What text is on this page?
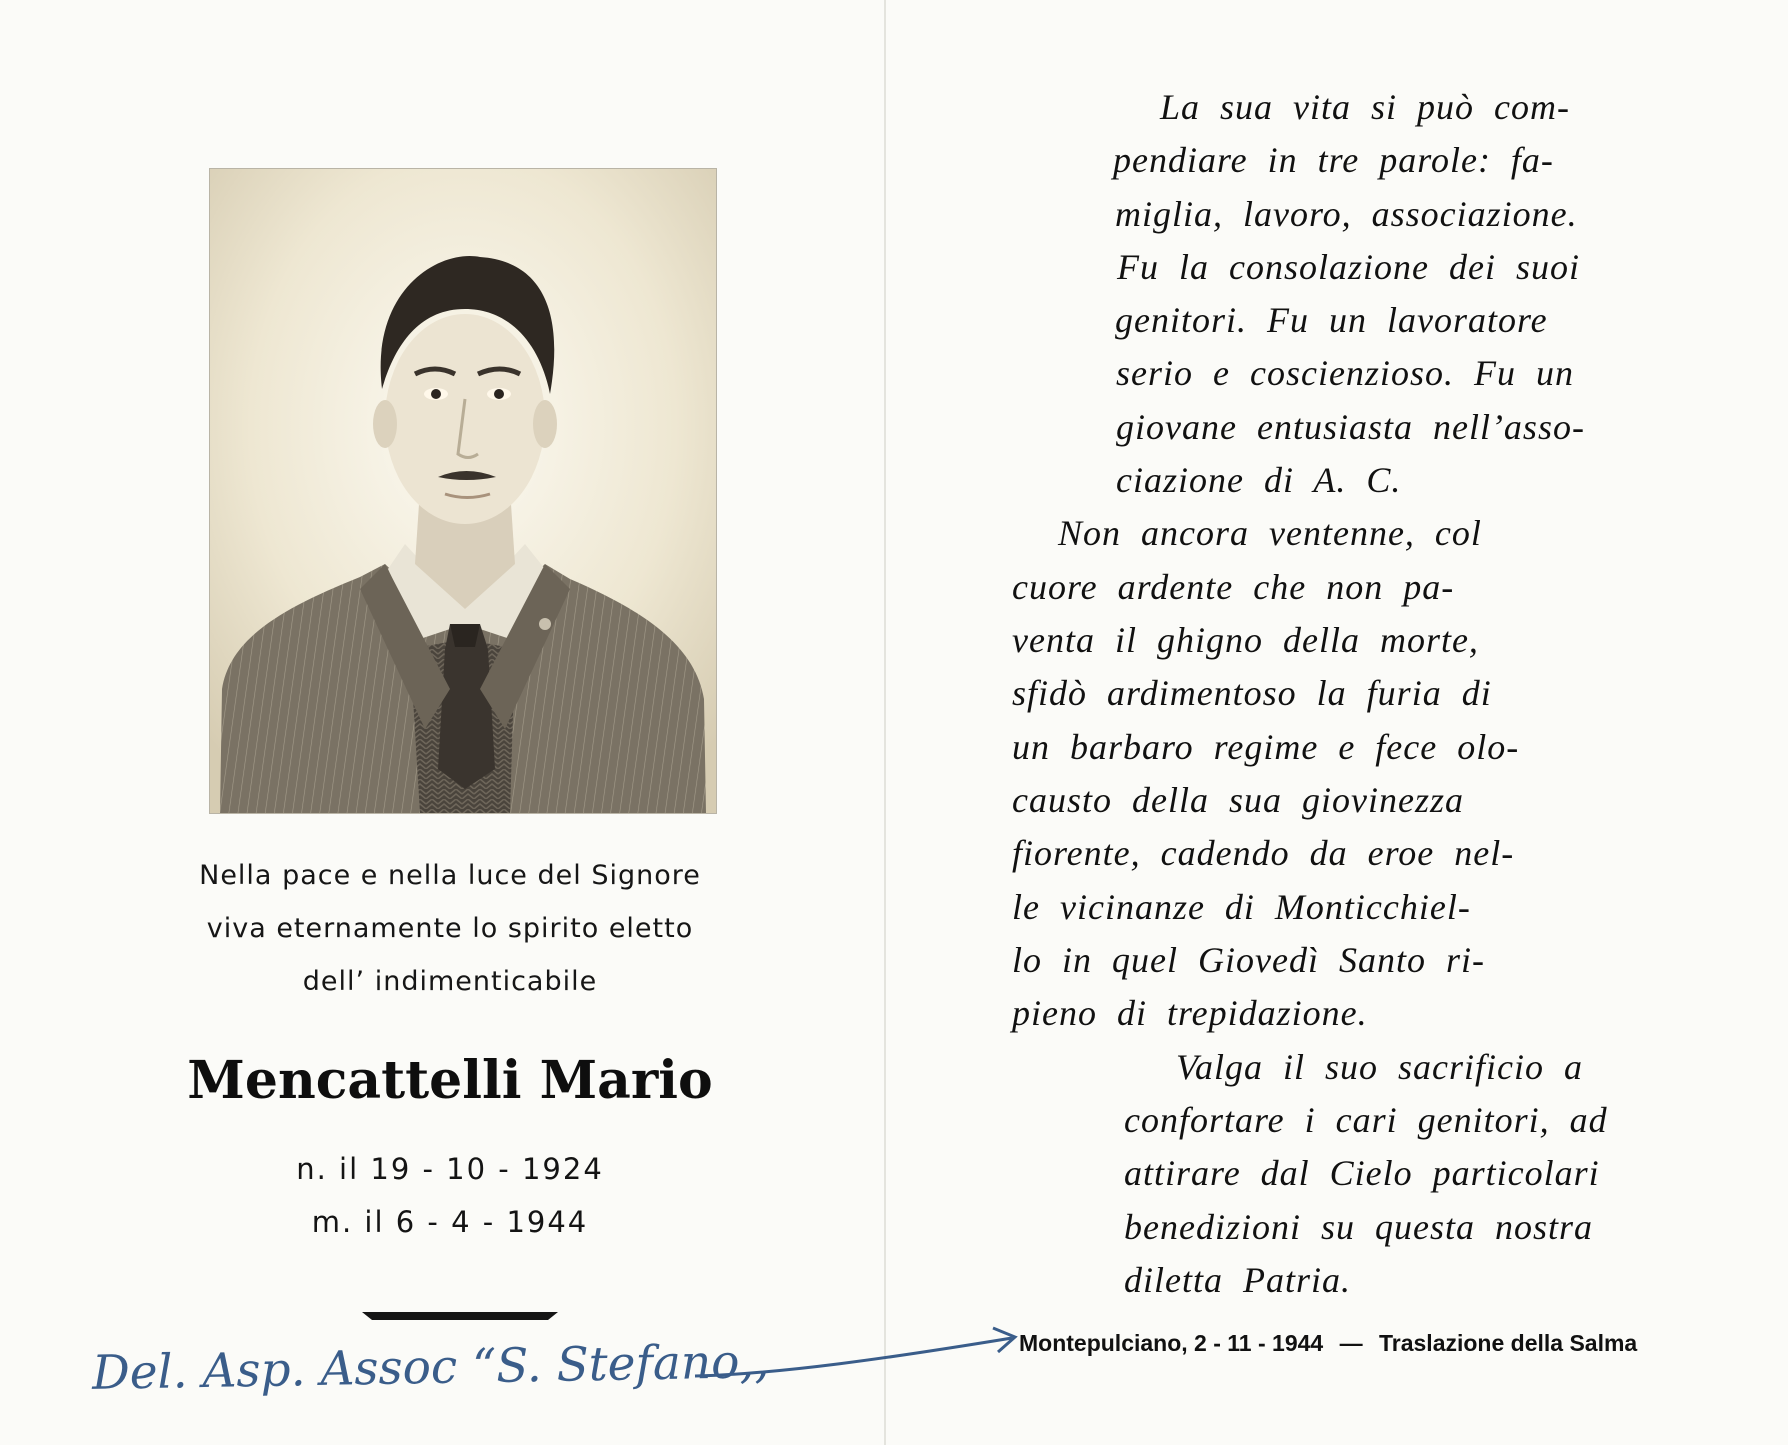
Nella pace e nella luce del Signore
viva eternamente lo spirito eletto
dell’ indimenticabile
Mencattelli Mario
n. il 19 - 10 - 1924
m. il 6 - 4 - 1944
Del. Asp. Assoc “S. Stefano,,
La sua vita si può com-
pendiare in tre parole: fa-
miglia, lavoro, associazione.
Fu la consolazione dei suoi
genitori. Fu un lavoratore
serio e coscienzioso. Fu un
giovane entusiasta nell’asso-
ciazione di A. C.
Non ancora ventenne, col
cuore ardente che non pa-
venta il ghigno della morte,
sfidò ardimentoso la furia di
un barbaro regime e fece olo-
causto della sua giovinezza
fiorente, cadendo da eroe nel-
le vicinanze di Monticchiel-
lo in quel Giovedì Santo ri-
pieno di trepidazione.
Valga il suo sacrificio a
confortare i cari genitori, ad
attirare dal Cielo particolari
benedizioni su questa nostra
diletta Patria.
Montepulciano, 2 - 11 - 1944 — Traslazione della Salma
